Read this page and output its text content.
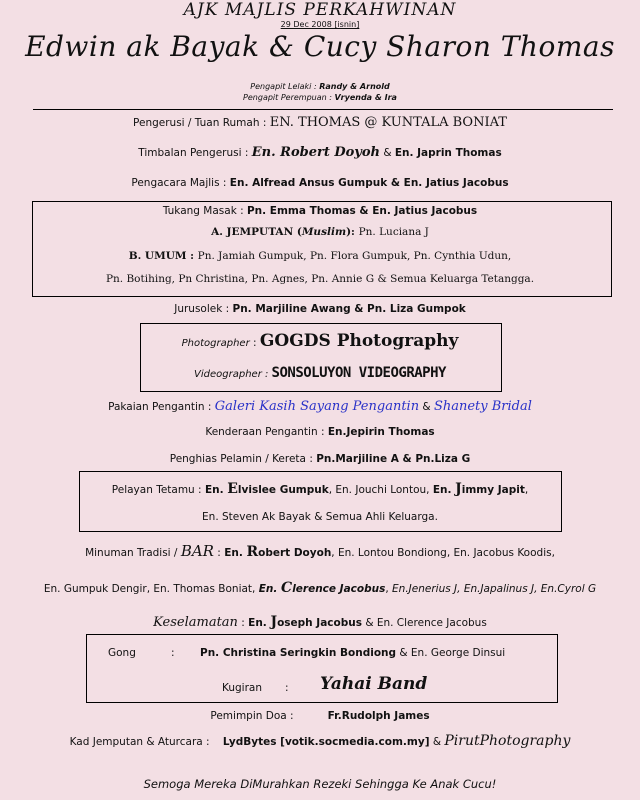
AJK MAJLIS PERKAHWINAN
29 Dec 2008 [isnin]
Edwin ak Bayak & Cucy Sharon Thomas
Pengapit Lelaki : Randy & Arnold
Pengapit Perempuan : Vryenda & Ira
Pengerusi / Tuan Rumah : EN. THOMAS @ KUNTALA BONIAT
Timbalan Pengerusi : En. Robert Doyoh & En. Japrin Thomas
Pengacara Majlis : En. Alfread Ansus Gumpuk & En. Jatius Jacobus
Tukang Masak : Pn. Emma Thomas & En. Jatius Jacobus
A. JEMPUTAN (Muslim): Pn. Luciana J
B. UMUM : Pn. Jamiah Gumpuk, Pn. Flora Gumpuk, Pn. Cynthia Udun,
Pn. Botihing, Pn Christina, Pn. Agnes, Pn. Annie G & Semua Keluarga Tetangga.
Jurusolek : Pn. Marjiline Awang & Pn. Liza Gumpok
Photographer : GOGDS Photography
Videographer : SONSOLUYON VIDEOGRAPHY
Pakaian Pengantin : Galeri Kasih Sayang Pengantin & Shanety Bridal
Kenderaan Pengantin : En.Jepirin Thomas
Penghias Pelamin / Kereta : Pn.Marjiline A & Pn.Liza G
Pelayan Tetamu : En. Elvislee Gumpuk, En. Jouchi Lontou, En. Jimmy Japit,
En. Steven Ak Bayak & Semua Ahli Keluarga.
Minuman Tradisi / BAR : En. Robert Doyoh, En. Lontou Bondiong, En. Jacobus Koodis,
En. Gumpuk Dengir, En. Thomas Boniat, En. Clerence Jacobus, En.Jenerius J, En.Japalinus J, En.Cyrol G
Keselamatan : En. Joseph Jacobus & En. Clerence Jacobus
Gong	: Pn. Christina Seringkin Bondiong & En. George Dinsui
Kugiran : Yahai Band
Pemimpin Doa :	Fr.Rudolph James
Kad Jemputan & Aturcara : LydBytes [votik.socmedia.com.my] & PirutPhotography
Semoga Mereka DiMurahkan Rezeki Sehingga Ke Anak Cucu!
